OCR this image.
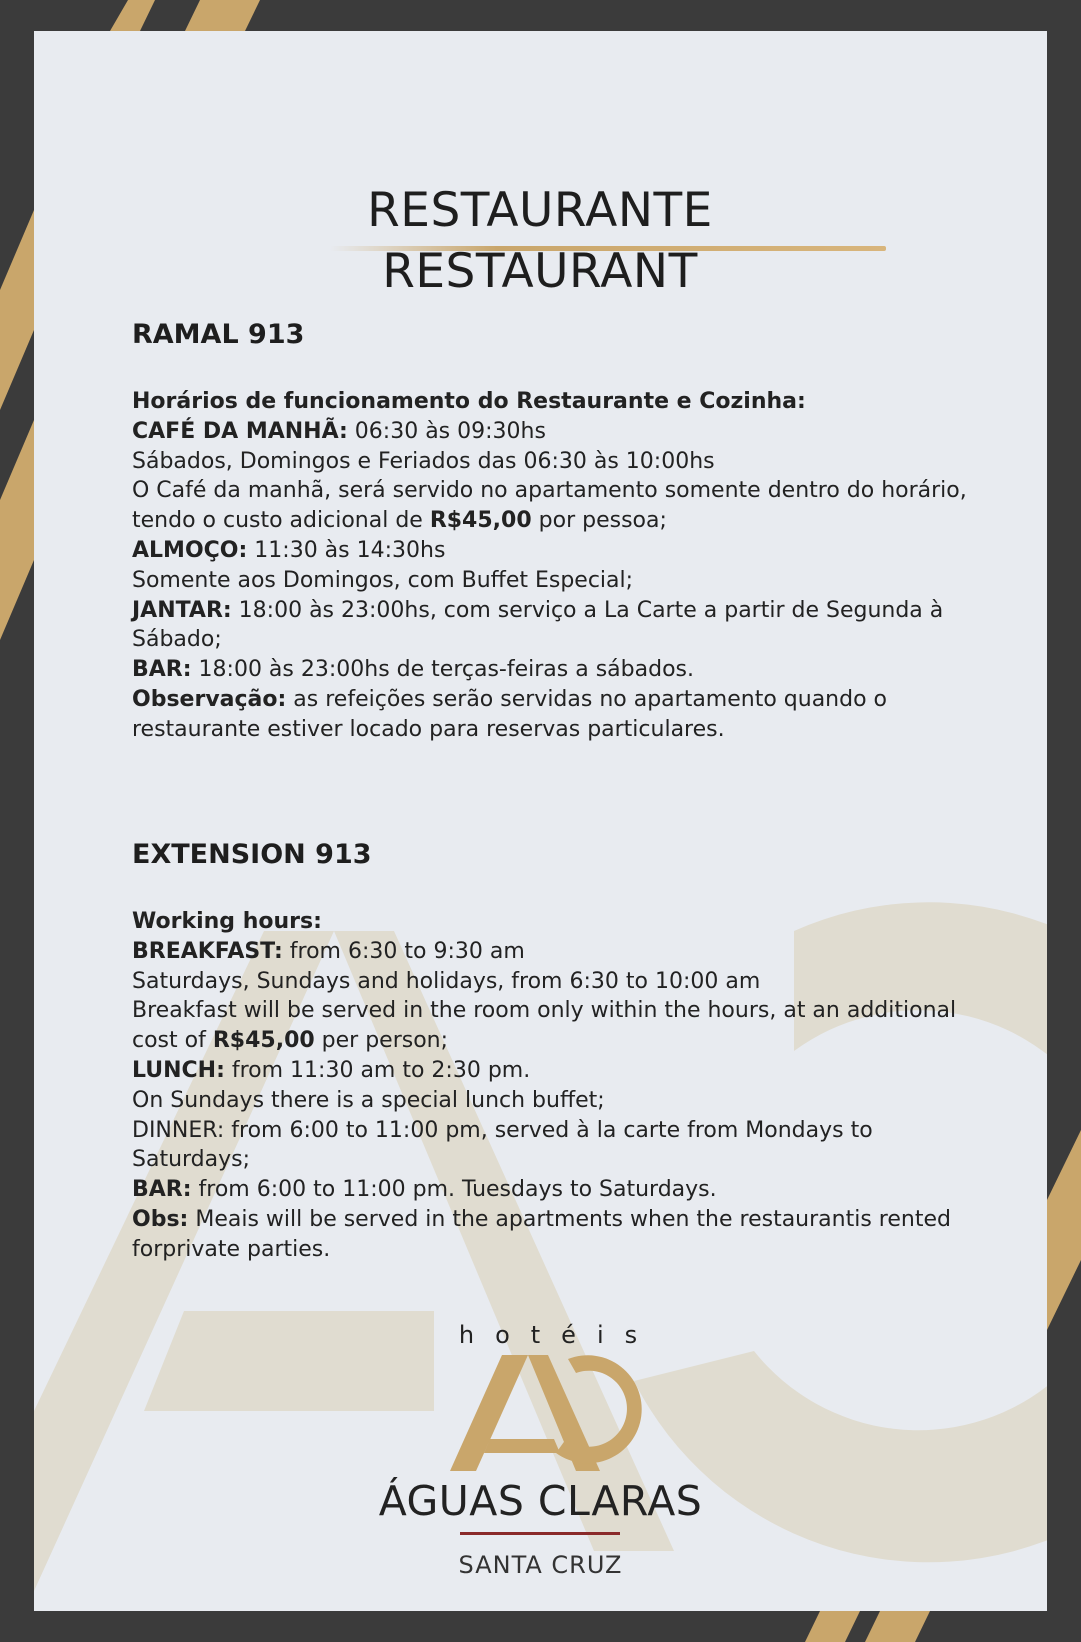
RESTAURANTE
RESTAURANT
RAMAL 913

Horários de funcionamento do Restaurante e Cozinha:

CAFÉ DA MANHÃ: 06:30 às 09:30hs

Sábados, Domingos e Feriados das 06:30 às 10:00hs

O Café da manhã, será servido no apartamento somente dentro do horário, tendo o custo adicional de R$45,00 por pessoa;

ALMOÇO: 11:30 às 14:30hs

Somente aos Domingos, com Buffet Especial;

JANTAR: 18:00 às 23:00hs, com serviço a La Carte a partir de Segunda à Sábado;

BAR: 18:00 às 23:00hs de terças-feiras a sábados.

Observação: as refeições serão servidas no apartamento quando o restaurante estiver locado para reservas particulares.

EXTENSION 913

Working hours:

BREAKFAST: from 6:30 to 9:30 am

Saturdays, Sundays and holidays, from 6:30 to 10:00 am

Breakfast will be served in the room only within the hours, at an additional cost of R$45,00 per person;

LUNCH: from 11:30 am to 2:30 pm.

On Sundays there is a special lunch buffet;

DINNER: from 6:00 to 11:00 pm, served à la carte from Mondays to Saturdays;

BAR: from 6:00 to 11:00 pm. Tuesdays to Saturdays.

Obs: Meais will be served in the apartments when the restaurantis rented forprivate parties.

hotéis
ÁGUAS CLARAS
SANTA CRUZ
